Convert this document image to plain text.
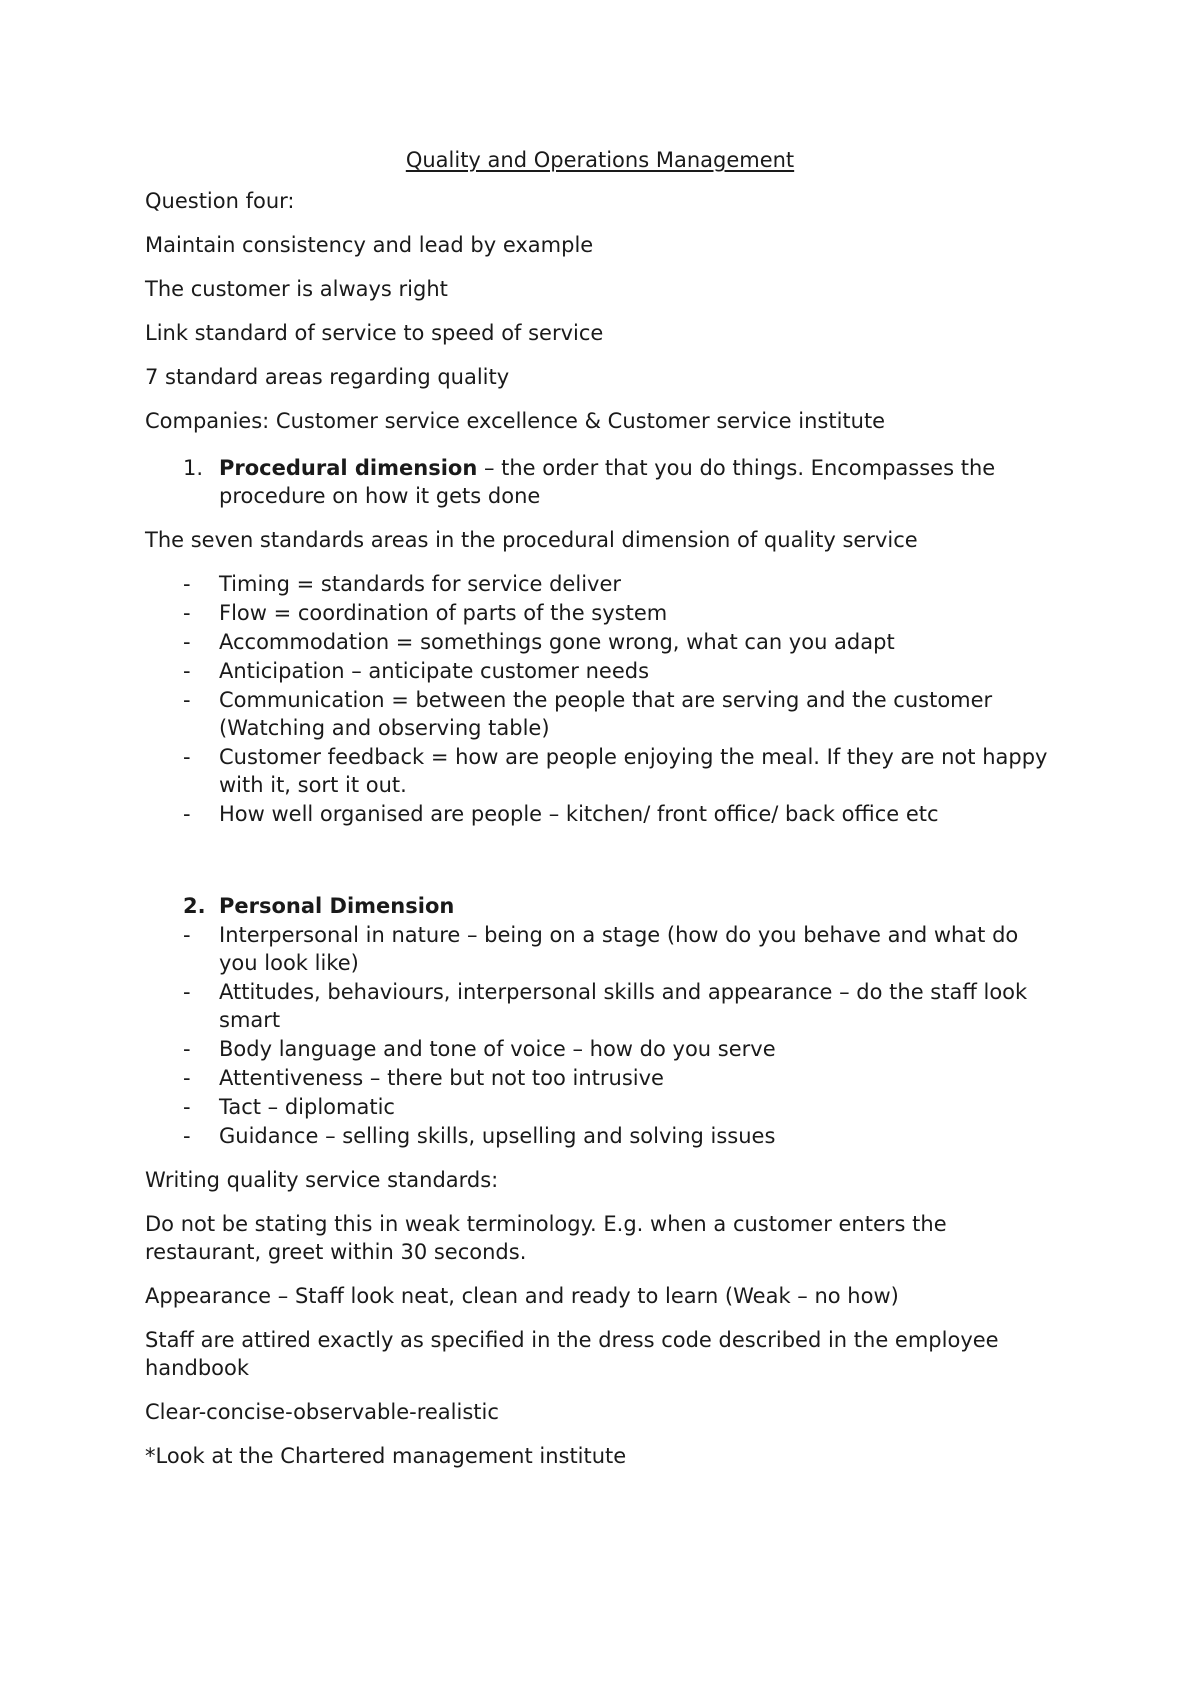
Quality and Operations Management

Question four:

Maintain consistency and lead by example

The customer is always right

Link standard of service to speed of service

7 standard areas regarding quality

Companies: Customer service excellence & Customer service institute

1. Procedural dimension – the order that you do things. Encompasses the procedure on how it gets done

The seven standards areas in the procedural dimension of quality service

-	Timing = standards for service deliver
-	Flow = coordination of parts of the system
-	Accommodation = somethings gone wrong, what can you adapt
-	Anticipation – anticipate customer needs
-	Communication = between the people that are serving and the customer (Watching and observing table)
-	Customer feedback = how are people enjoying the meal. If they are not happy with it, sort it out.
-	How well organised are people – kitchen/ front office/ back office etc
2. Personal Dimension
-	Interpersonal in nature – being on a stage (how do you behave and what do you look like)
-	Attitudes, behaviours, interpersonal skills and appearance – do the staff look smart
-	Body language and tone of voice – how do you serve
-	Attentiveness – there but not too intrusive
-	Tact – diplomatic
-	Guidance – selling skills, upselling and solving issues

Writing quality service standards:

Do not be stating this in weak terminology. E.g. when a customer enters the restaurant, greet within 30 seconds.

Appearance – Staff look neat, clean and ready to learn (Weak – no how)

Staff are attired exactly as specified in the dress code described in the employee handbook

Clear-concise-observable-realistic

*Look at the Chartered management institute
